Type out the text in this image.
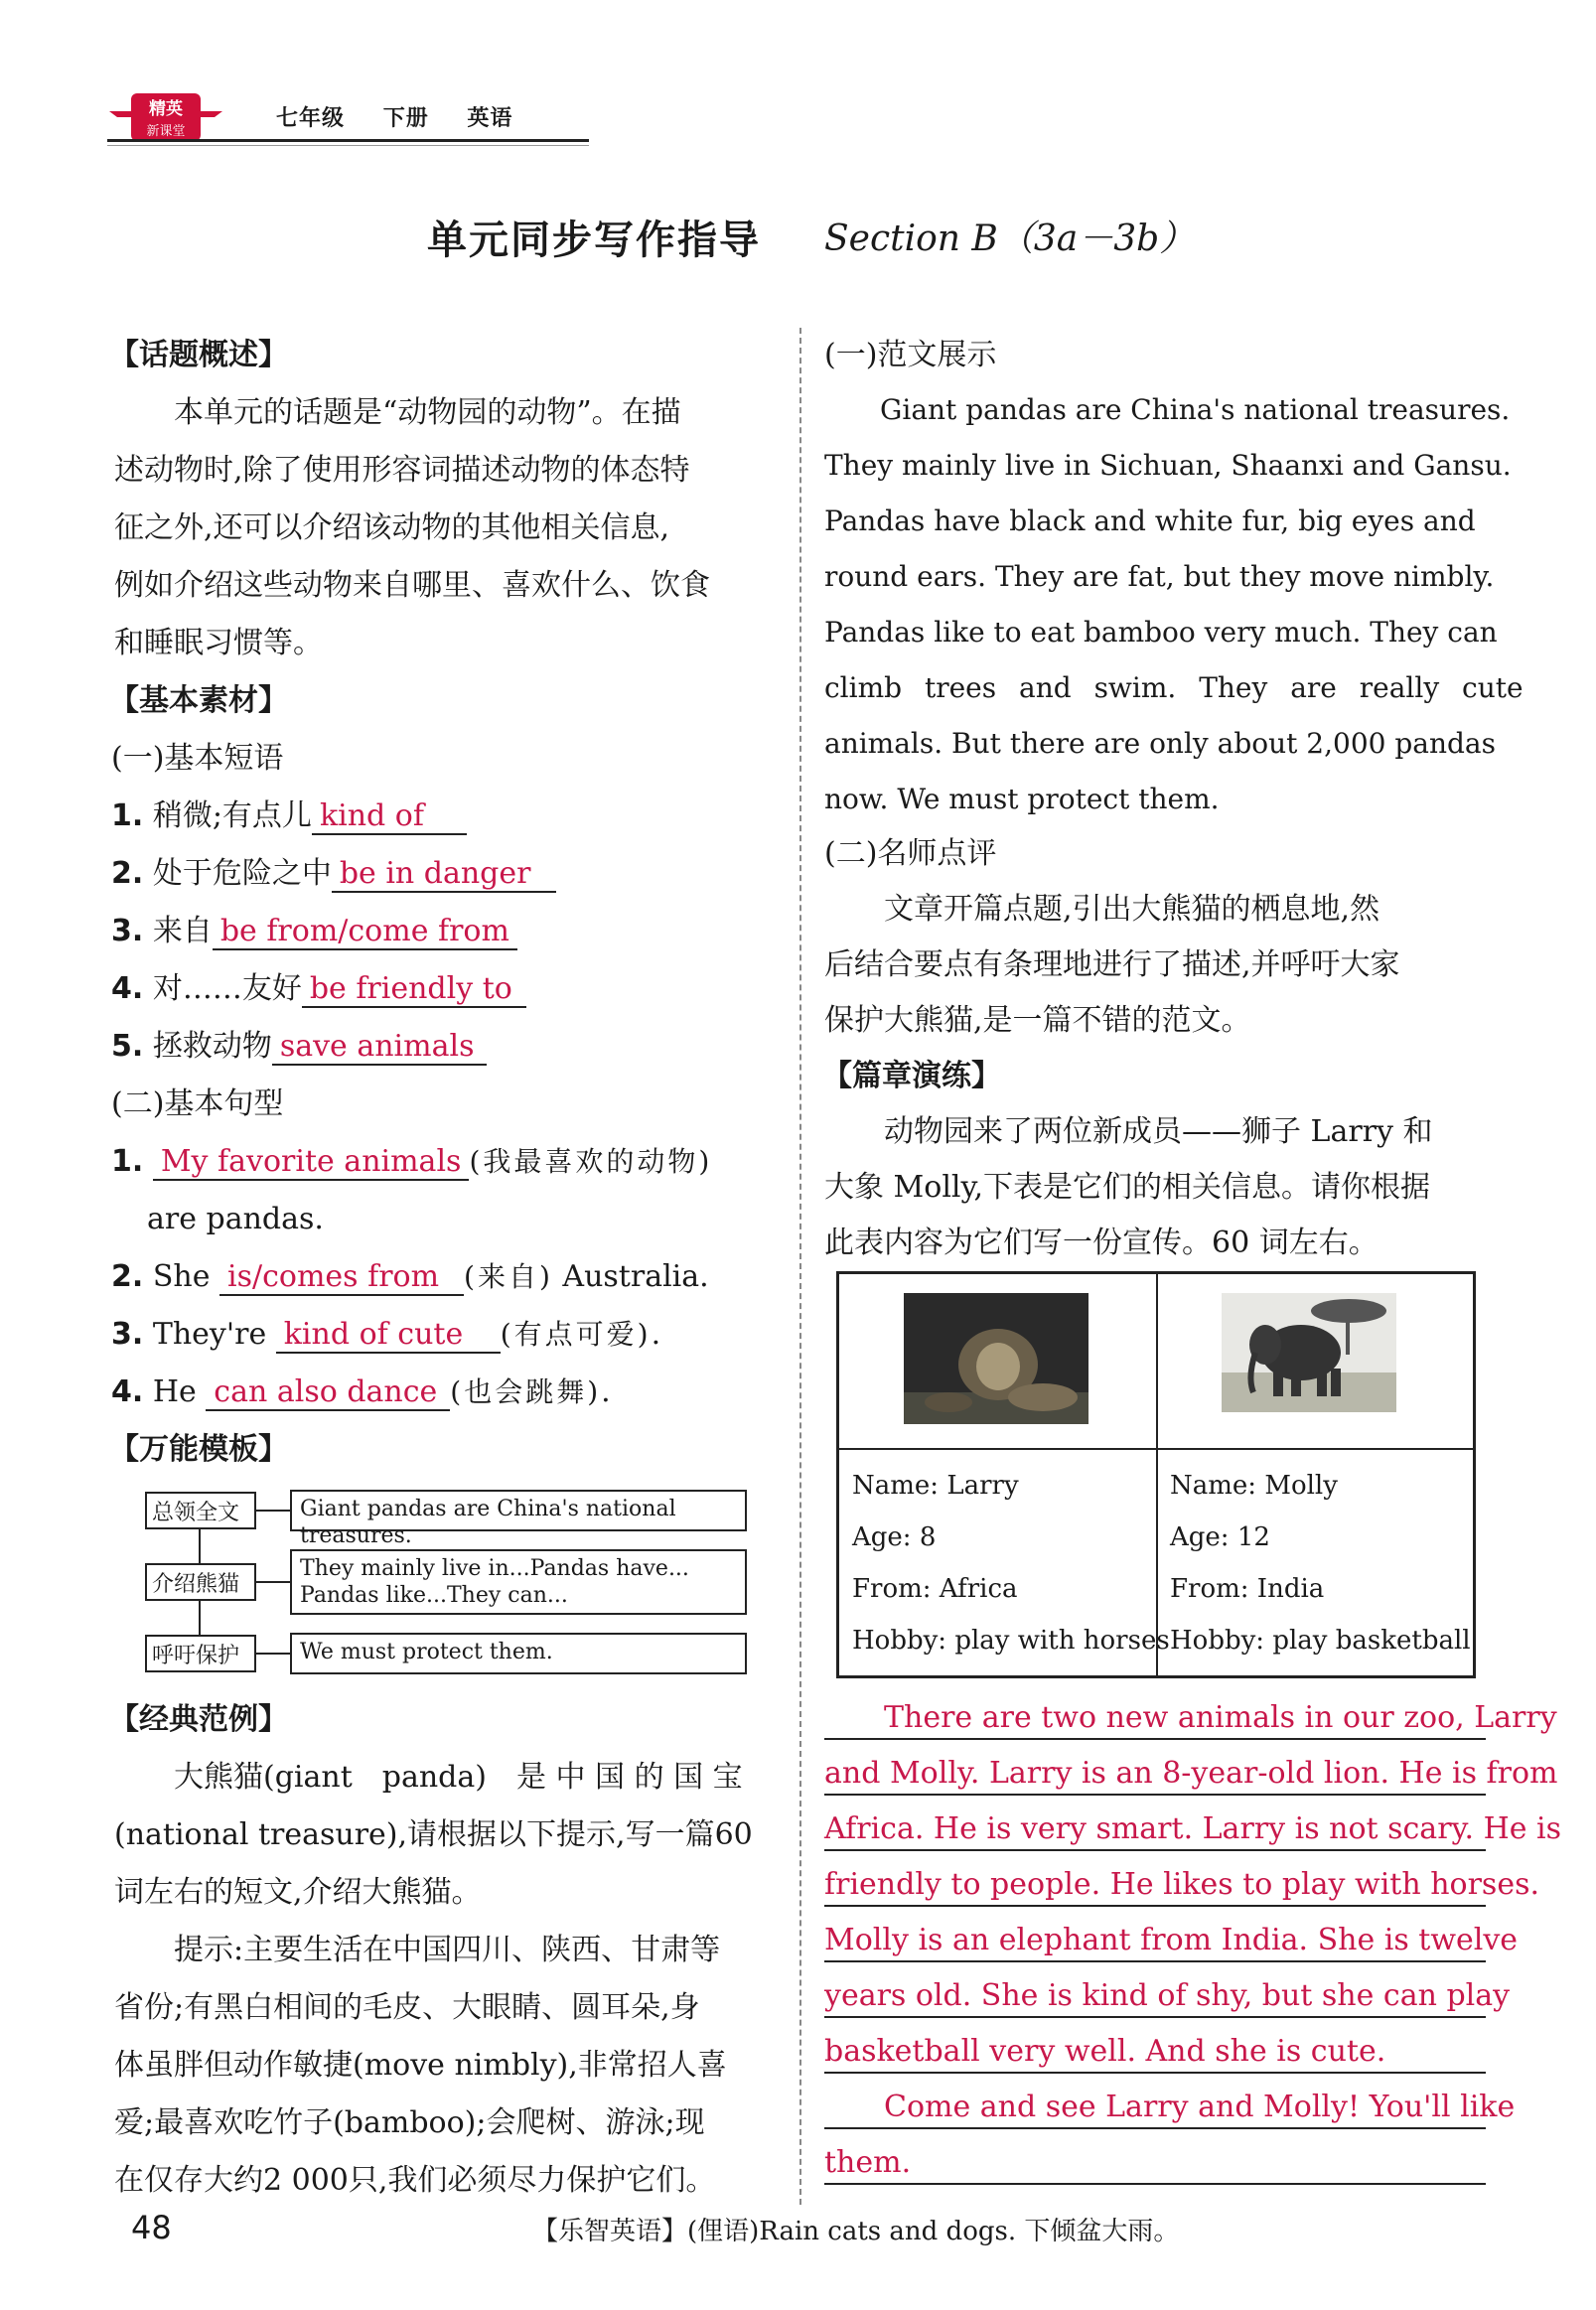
精英
新课堂
七年级 下册 英语
单元同步写作指导 Section B（3a－3b）
【话题概述】
　　本单元的话题是“动物园的动物”。在描
述动物时,除了使用形容词描述动物的体态特
征之外,还可以介绍该动物的其他相关信息,
例如介绍这些动物来自哪里、喜欢什么、饮食
和睡眠习惯等。
【基本素材】
(一)基本短语
1. 稍微;有点儿 kind of
2. 处于危险之中 be in danger
3. 来自 be from/come from
4. 对……友好 be friendly to
5. 拯救动物 save animals
(二)基本句型
1. My favorite animals (我最喜欢的动物)
are pandas.
2. She is/comes from (来自) Australia.
3. They're kind of cute (有点可爱).
4. He can also dance (也会跳舞).
【万能模板】
总领全文	Giant pandas are China's national treasures.
介绍熊猫
They mainly live in...Pandas have...
Pandas like...They can...
呼吁保护	We must protect them.
【经典范例】
　　大熊猫(giant　panda)　是 中 国 的 国 宝
(national treasure),请根据以下提示,写一篇60
词左右的短文,介绍大熊猫。
　　提示:主要生活在中国四川、陕西、甘肃等
省份;有黑白相间的毛皮、大眼睛、圆耳朵,身
体虽胖但动作敏捷(move nimbly),非常招人喜
爱;最喜欢吃竹子(bamboo);会爬树、游泳;现
在仅存大约2 000只,我们必须尽力保护它们。
(一)范文展示
　　Giant pandas are China's national treasures.
They mainly live in Sichuan, Shaanxi and Gansu.
Pandas have black and white fur, big eyes and
round ears. They are fat, but they move nimbly.
Pandas like to eat bamboo very much. They can
climb trees and swim. They are really cute
animals. But there are only about 2,000 pandas
now. We must protect them.
(二)名师点评
　　文章开篇点题,引出大熊猫的栖息地,然
后结合要点有条理地进行了描述,并呼吁大家
保护大熊猫,是一篇不错的范文。
【篇章演练】
　　动物园来了两位新成员——狮子 Larry 和
大象 Molly,下表是它们的相关信息。请你根据
此表内容为它们写一份宣传。60 词左右。
Name: Larry
Age: 8
From: Africa
Hobby: play with horses
Name: Molly
Age: 12
From: India
Hobby: play basketball
　　There are two new animals in our zoo, Larry
and Molly. Larry is an 8-year-old lion. He is from
Africa. He is very smart. Larry is not scary. He is
friendly to people. He likes to play with horses.
Molly is an elephant from India. She is twelve
years old. She is kind of shy, but she can play
basketball very well. And she is cute.
　　Come and see Larry and Molly! You'll like
them.
48	【乐智英语】(俚语)Rain cats and dogs. 下倾盆大雨。
